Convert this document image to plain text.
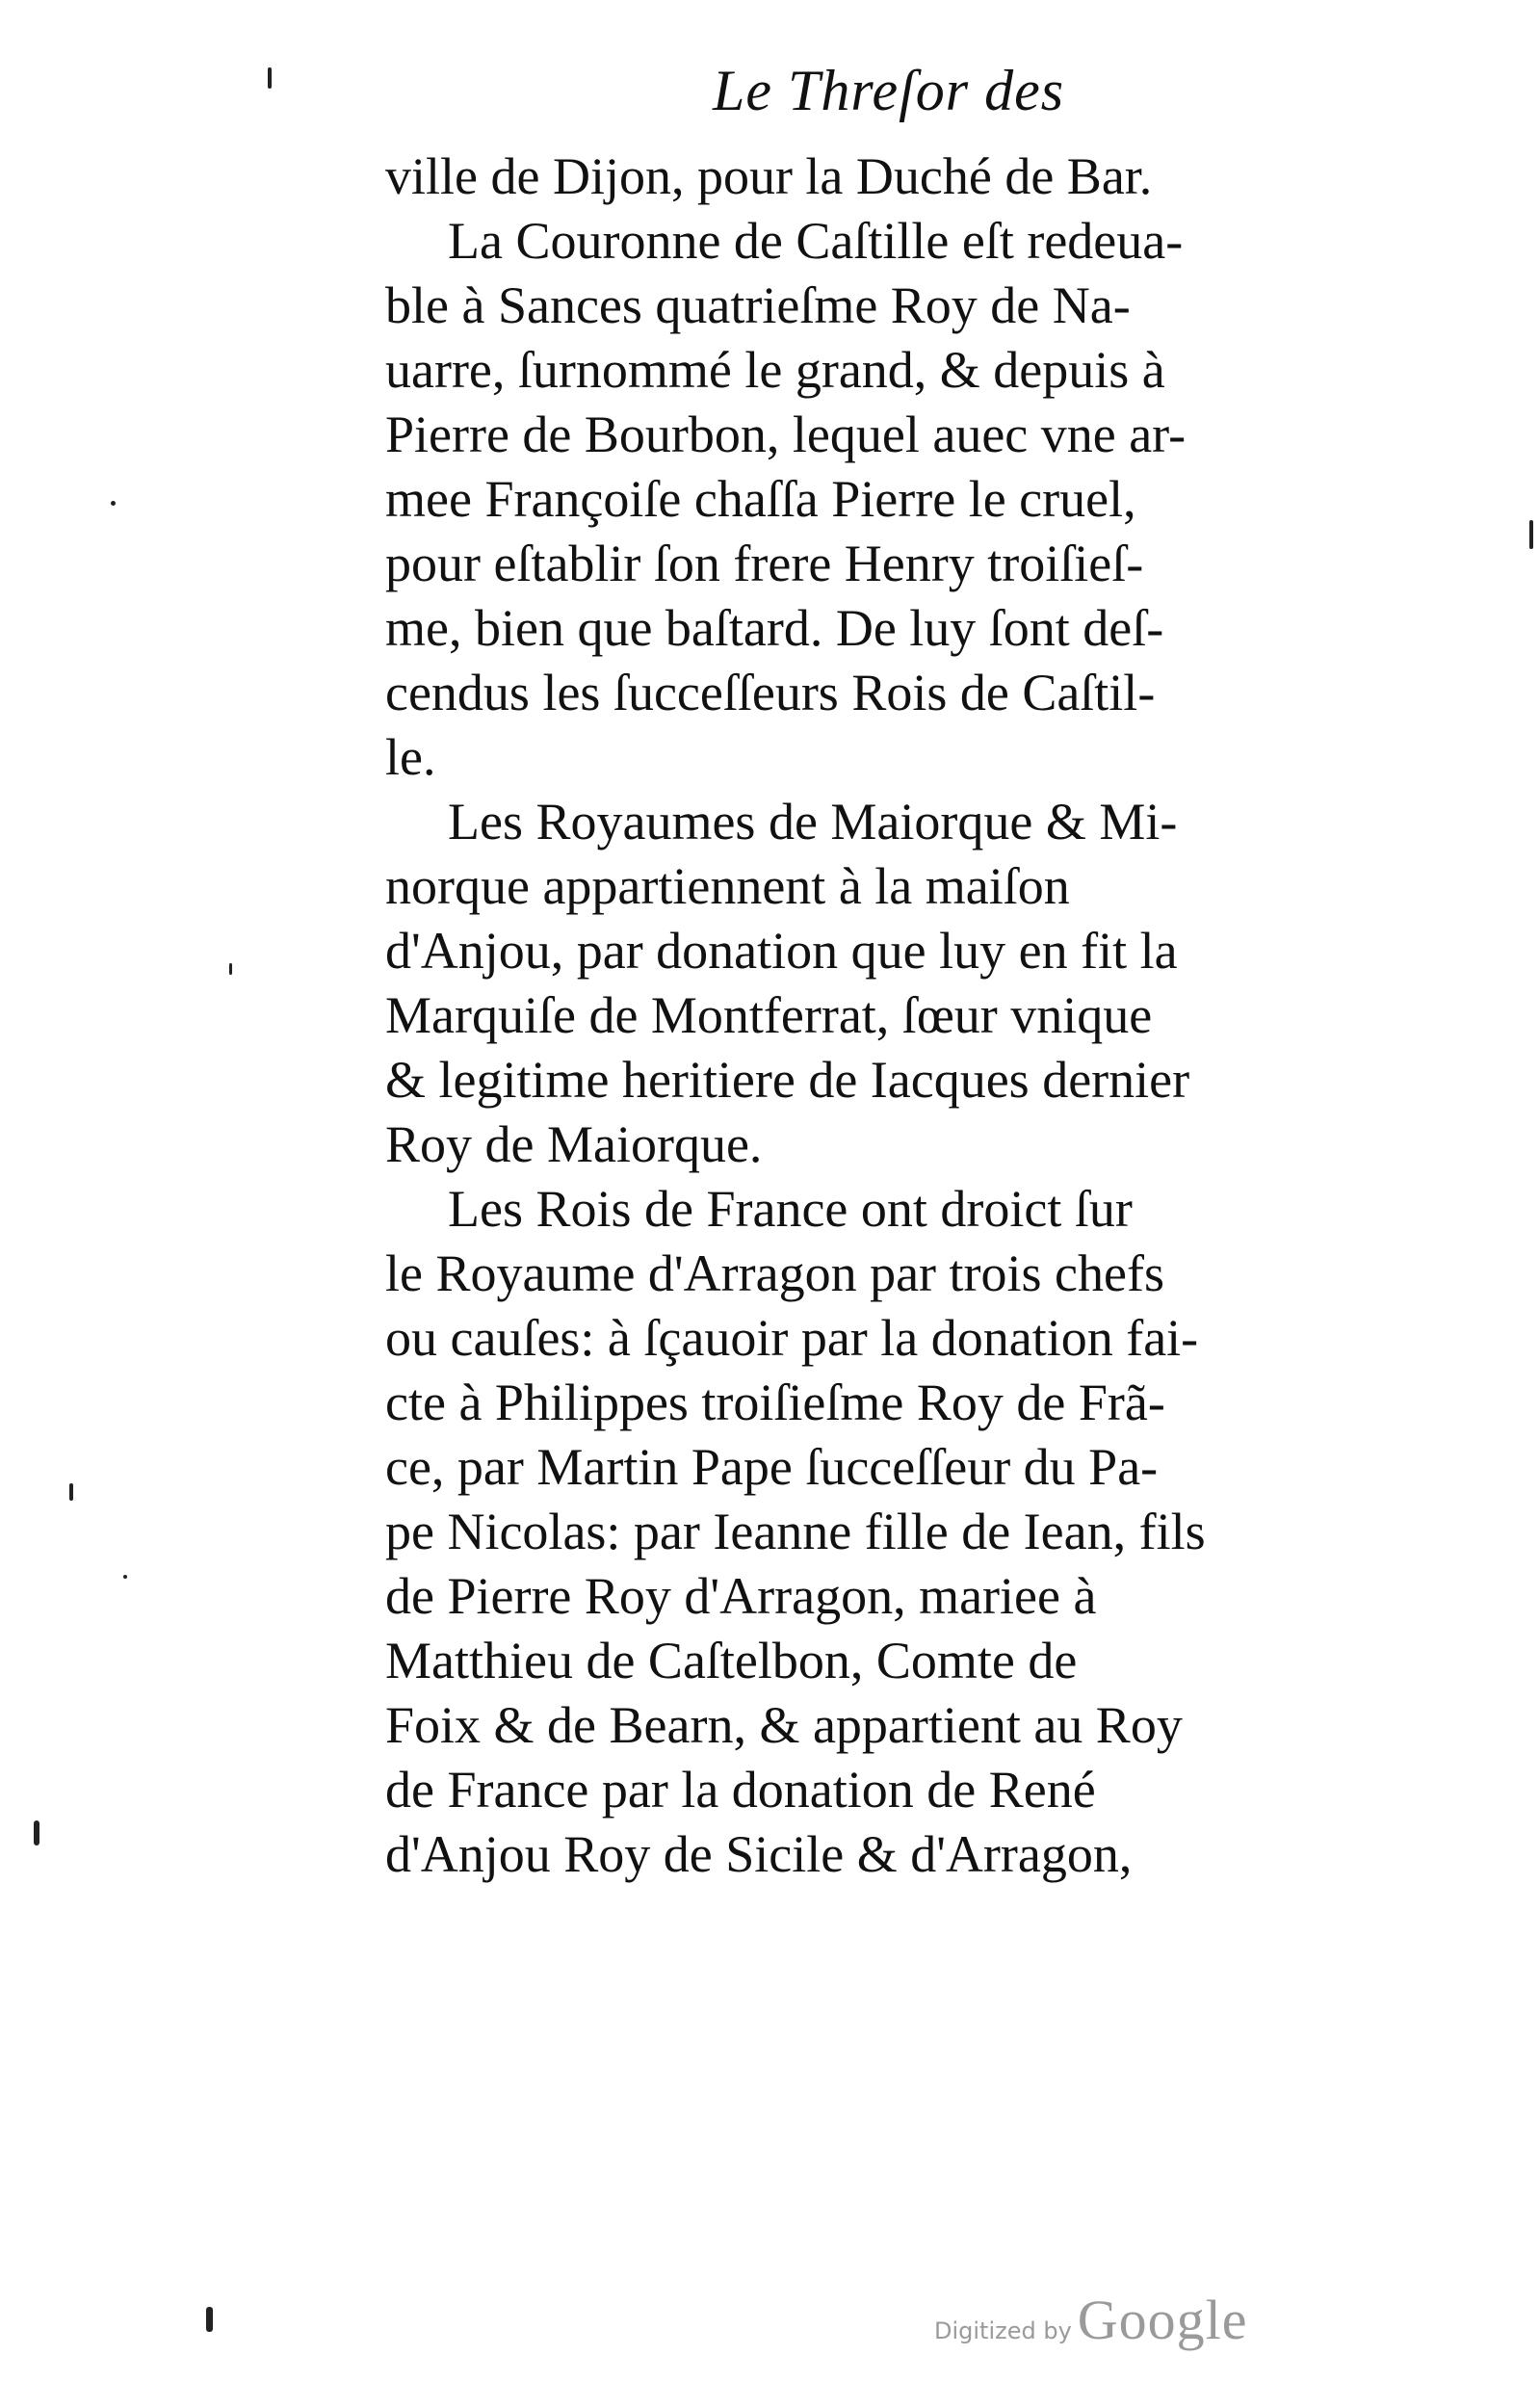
Le Threſor des
ville de Dijon, pour la Duché de Bar.
La Couronne de Caſtille eſt redeua-
ble à Sances quatrieſme Roy de Na-
uarre, ſurnommé le grand, & depuis à
Pierre de Bourbon, lequel auec vne ar-
mee Françoiſe chaſſa Pierre le cruel,
pour eſtablir ſon frere Henry troiſieſ-
me, bien que baſtard. De luy ſont deſ-
cendus les ſucceſſeurs Rois de Caſtil-
le.
Les Royaumes de Maiorque & Mi-
norque appartiennent à la maiſon
d'Anjou, par donation que luy en fit la
Marquiſe de Montferrat, ſœur vnique
& legitime heritiere de Iacques dernier
Roy de Maiorque.
Les Rois de France ont droict ſur
le Royaume d'Arragon par trois chefs
ou cauſes: à ſçauoir par la donation fai-
cte à Philippes troiſieſme Roy de Frã-
ce, par Martin Pape ſucceſſeur du Pa-
pe Nicolas: par Ieanne fille de Iean, fils
de Pierre Roy d'Arragon, mariee à
Matthieu de Caſtelbon, Comte de
Foix & de Bearn, & appartient au Roy
de France par la donation de René
d'Anjou Roy de Sicile & d'Arragon,
Digitized by Google
